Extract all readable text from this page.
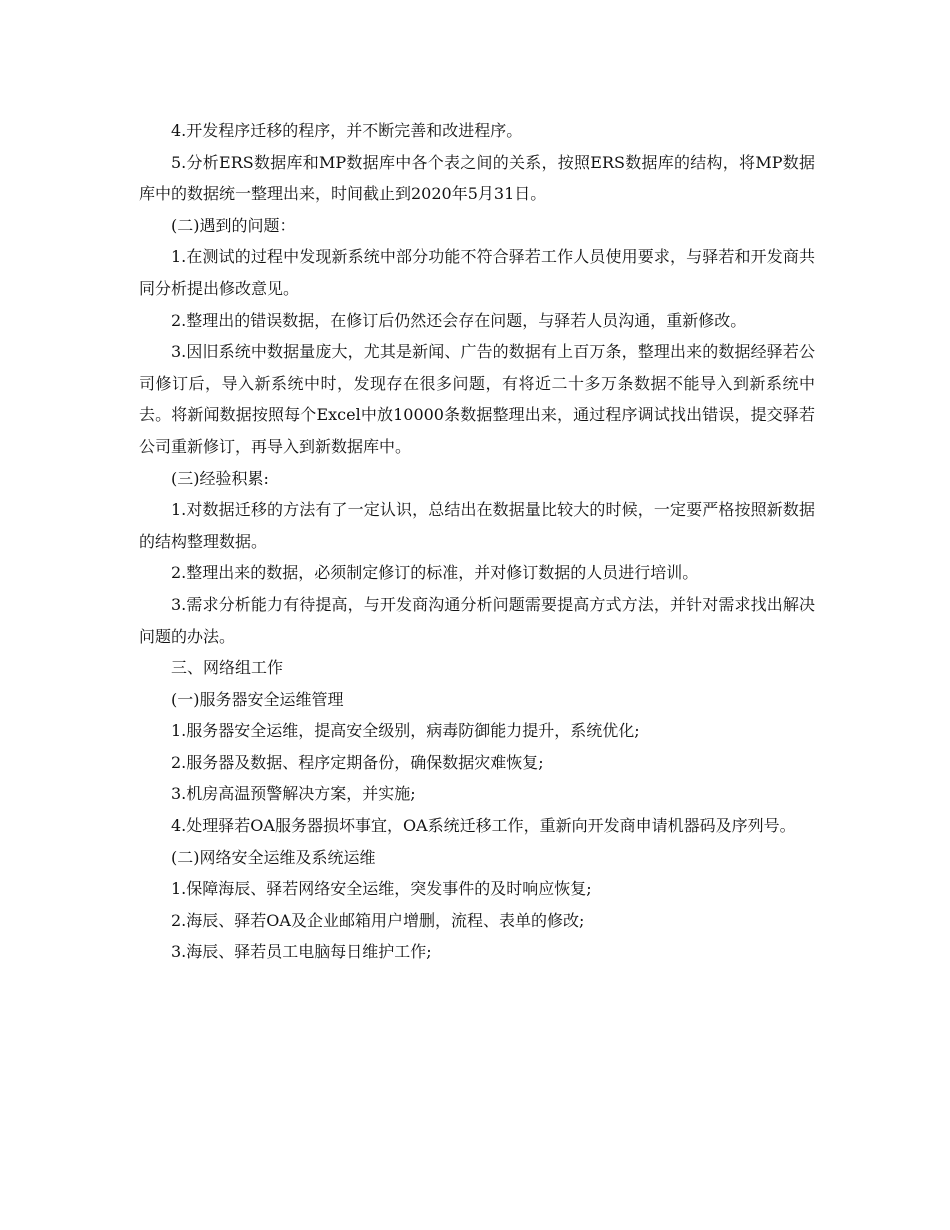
4.开发程序迁移的程序，并不断完善和改进程序。

5.分析ERS数据库和MP数据库中各个表之间的关系，按照ERS数据库的结构，将MP数据库中的数据统一整理出来，时间截止到2020年5月31日。

(二)遇到的问题：

1.在测试的过程中发现新系统中部分功能不符合驿若工作人员使用要求，与驿若和开发商共同分析提出修改意见。

2.整理出的错误数据，在修订后仍然还会存在问题，与驿若人员沟通，重新修改。

3.因旧系统中数据量庞大，尤其是新闻、广告的数据有上百万条，整理出来的数据经驿若公司修订后，导入新系统中时，发现存在很多问题，有将近二十多万条数据不能导入到新系统中去。将新闻数据按照每个Excel中放10000条数据整理出来，通过程序调试找出错误，提交驿若公司重新修订，再导入到新数据库中。

(三)经验积累:

1.对数据迁移的方法有了一定认识，总结出在数据量比较大的时候，一定要严格按照新数据的结构整理数据。

2.整理出来的数据，必须制定修订的标准，并对修订数据的人员进行培训。

3.需求分析能力有待提高，与开发商沟通分析问题需要提高方式方法，并针对需求找出解决问题的办法。

三、网络组工作

(一)服务器安全运维管理

1.服务器安全运维，提高安全级别，病毒防御能力提升，系统优化;

2.服务器及数据、程序定期备份，确保数据灾难恢复;

3.机房高温预警解决方案，并实施;

4.处理驿若OA服务器损坏事宜，OA系统迁移工作，重新向开发商申请机器码及序列号。

(二)网络安全运维及系统运维

1.保障海辰、驿若网络安全运维，突发事件的及时响应恢复;

2.海辰、驿若OA及企业邮箱用户增删，流程、表单的修改;

3.海辰、驿若员工电脑每日维护工作;
